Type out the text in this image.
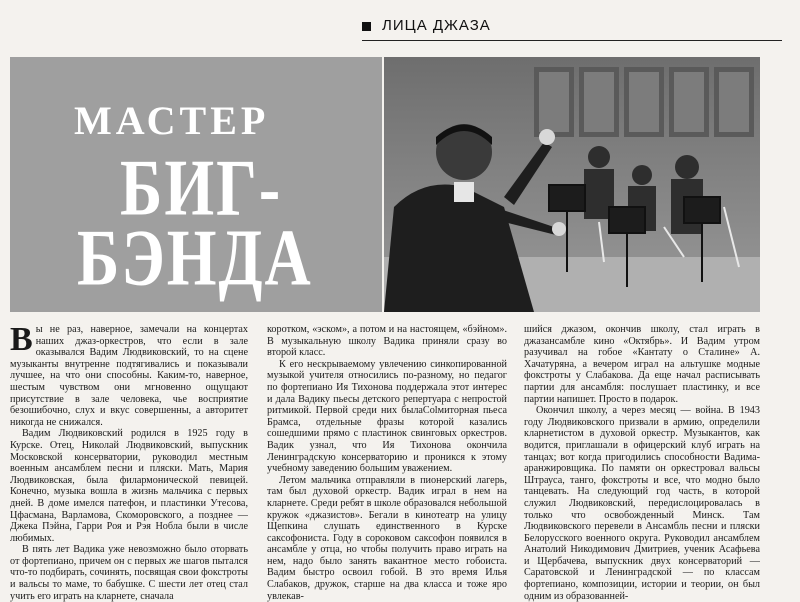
ЛИЦА ДЖАЗА
МАСТЕР
БИГ-
БЭНДА

Вы не раз, наверное, замечали на концертах наших джаз-оркестров, что если в зале оказывался Вадим Людвиковский, то на сцене музыканты внутренне подтягивались и показывали лучшее, на что они способны. Каким-то, наверное, шестым чувством они мгновенно ощущают присутствие в зале человека, чье восприятие безошибочно, слух и вкус совершенны, а авторитет никогда не снижался.

Вадим Людвиковский родился в 1925 году в Курске. Отец, Николай Людвиковский, выпускник Московской консерватории, руководил местным военным ансамблем песни и пляски. Мать, Мария Людвиковская, была филармонической певицей. Конечно, музыка вошла в жизнь мальчика с первых дней. В доме имелся патефон, и пластинки Утесова, Цфасмана, Варламова, Скоморовского, а позднее — Джека Пэйна, Гарри Роя и Рэя Нобла были в числе любимых.

В пять лет Вадика уже невозможно было оторвать от фортепиано, причем он с первых же шагов пытался что-то подбирать, сочинять, посвящая свои фокстроты и вальсы то маме, то бабушке. С шести лет отец стал учить его играть на кларнете, сначала

коротком, «эском», а потом и на настоящем, «бэйном». В музыкальную школу Вадика приняли сразу во второй класс.

К его нескрываемому увлечению синкопированной музыкой учителя относились по-разному, но педагог по фортепиано Ия Тихонова поддержала этот интерес и дала Вадику пьесы детского репертуара с непростой ритмикой. Первой среди них былаColмиторная пьеса Брамса, отдельные фразы которой казались сошедшими прямо с пластинок свинговых оркестров. Вадик узнал, что Ия Тихонова окончила Ленинградскую консерваторию и проникся к этому учебному заведению большим уважением.

Летом мальчика отправляли в пионерский лагерь, там был духовой оркестр. Вадик играл в нем на кларнете. Среди ребят в школе образовался небольшой кружок «джазистов». Бегали в кинотеатр на улицу Щепкина слушать единственного в Курске саксофониста. Году в сороковом саксофон появился в ансамбле у отца, но чтобы получить право играть на нем, надо было занять вакантное место гобоиста. Вадим быстро освоил гобой. В это время Илья Слабаков, дружок, старше на два класса и тоже яро увлекав-

шийся джазом, окончив школу, стал играть в джазансамбле кино «Октябрь». И Вадим утром разучивал на гобое «Кантату о Сталине» А. Хачатуряна, а вечером играл на альтушке модные фокстроты у Слабакова. Да еще начал расписывать партии для ансамбля: послушает пластинку, и все партии напишет. Просто в подарок.

Окончил школу, а через месяц — война. В 1943 году Людвиковского призвали в армию, определили кларнетистом в духовой оркестр. Музыкантов, как водится, приглашали в офицерский клуб играть на танцах; вот когда пригодились способности Вадима-аранжировщика. По памяти он оркестровал вальсы Штрауса, танго, фокстроты и все, что модно было танцевать. На следующий год часть, в которой служил Людвиковский, передислоцировалась в только что освобожденный Минск. Там Людвиковского перевели в Ансамбль песни и пляски Белорусского военного округа. Руководил ансамблем Анатолий Никодимович Дмитриев, ученик Асафьева и Щербачева, выпускник двух консерваторий — Саратовской и Ленинградской — по классам фортепиано, композиции, истории и теории, он был одним из образованней-
